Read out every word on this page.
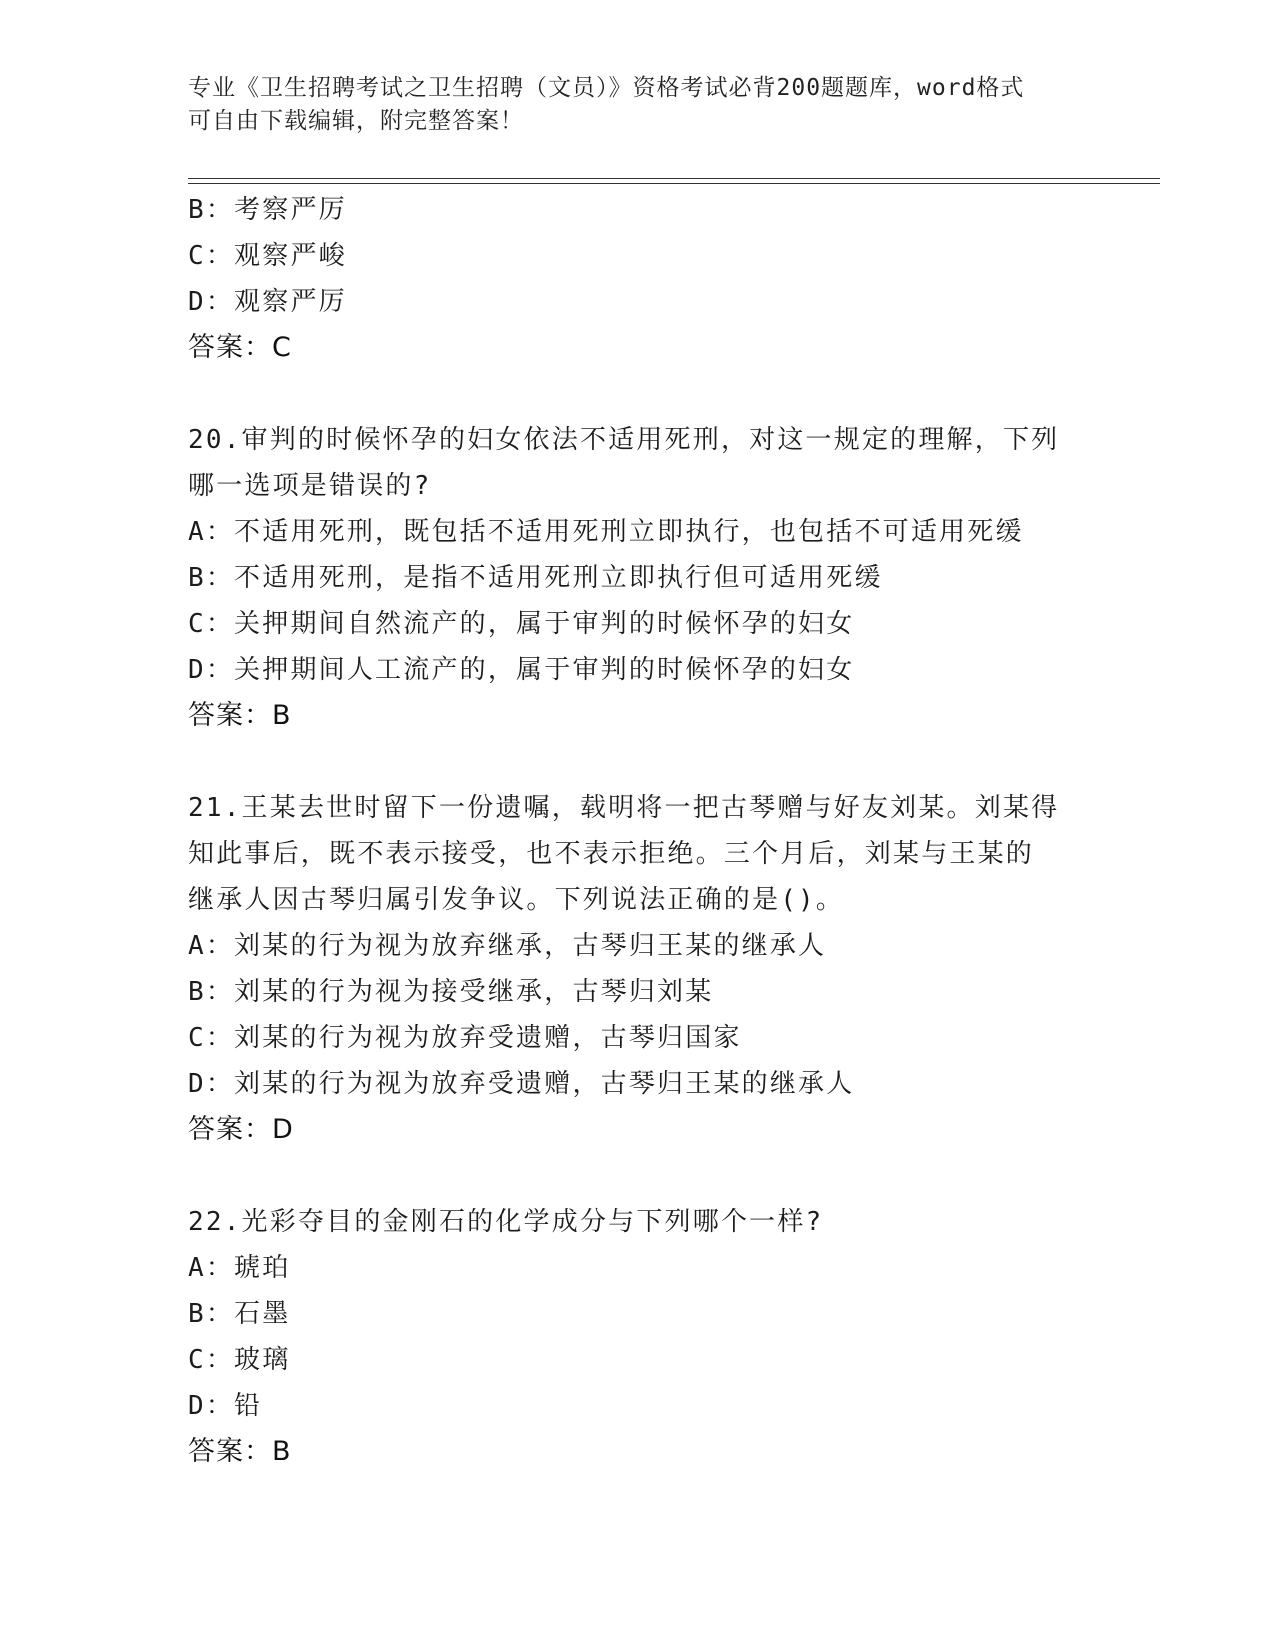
专业《卫生招聘考试之卫生招聘（文员）》资格考试必背200题题库，word格式
可自由下载编辑，附完整答案！
B：考察严厉
C：观察严峻
D：观察严厉
答案：C
20.审判的时候怀孕的妇女依法不适用死刑，对这一规定的理解，下列
哪一选项是错误的?
A：不适用死刑，既包括不适用死刑立即执行，也包括不可适用死缓
B：不适用死刑，是指不适用死刑立即执行但可适用死缓
C：关押期间自然流产的，属于审判的时候怀孕的妇女
D：关押期间人工流产的，属于审判的时候怀孕的妇女
答案：B
21.王某去世时留下一份遗嘱，载明将一把古琴赠与好友刘某。刘某得
知此事后，既不表示接受，也不表示拒绝。三个月后，刘某与王某的
继承人因古琴归属引发争议。下列说法正确的是()。
A：刘某的行为视为放弃继承，古琴归王某的继承人
B：刘某的行为视为接受继承，古琴归刘某
C：刘某的行为视为放弃受遗赠，古琴归国家
D：刘某的行为视为放弃受遗赠，古琴归王某的继承人
答案：D
22.光彩夺目的金刚石的化学成分与下列哪个一样?
A：琥珀
B：石墨
C：玻璃
D：铅
答案：B
